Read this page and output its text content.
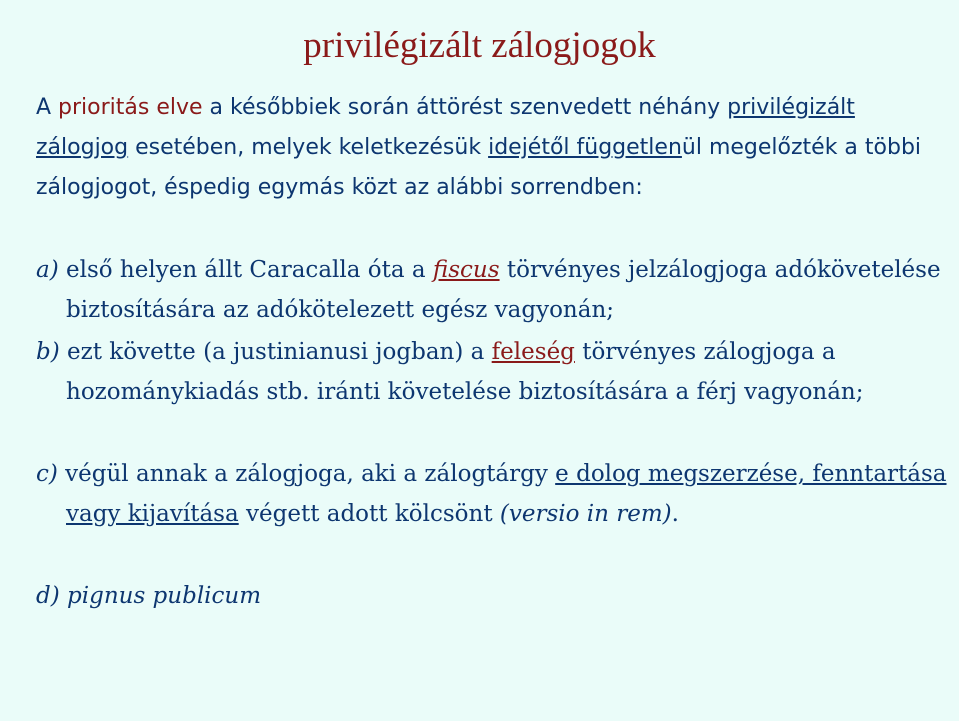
privilégizált zálogjogok

A prioritás elve a későbbiek során áttörést szenvedett néhány privilégizált zálogjog esetében, melyek keletkezésük idejétől függetlenül megelőzték a többi zálogjogot, éspedig egymás közt az alábbi sorrendben:

a) első helyen állt Caracalla óta a fiscus törvényes jelzálogjoga adókövetelése biztosítására az adókötelezett egész vagyonán;

b) ezt követte (a justinianusi jogban) a feleség törvényes zálogjoga a hozománykiadás stb. iránti követelése biztosítására a férj vagyonán;

c) végül annak a zálogjoga, aki a zálogtárgy e dolog megszerzése, fenntartása vagy kijavítása végett adott kölcsönt (versio in rem).

d) pignus publicum
